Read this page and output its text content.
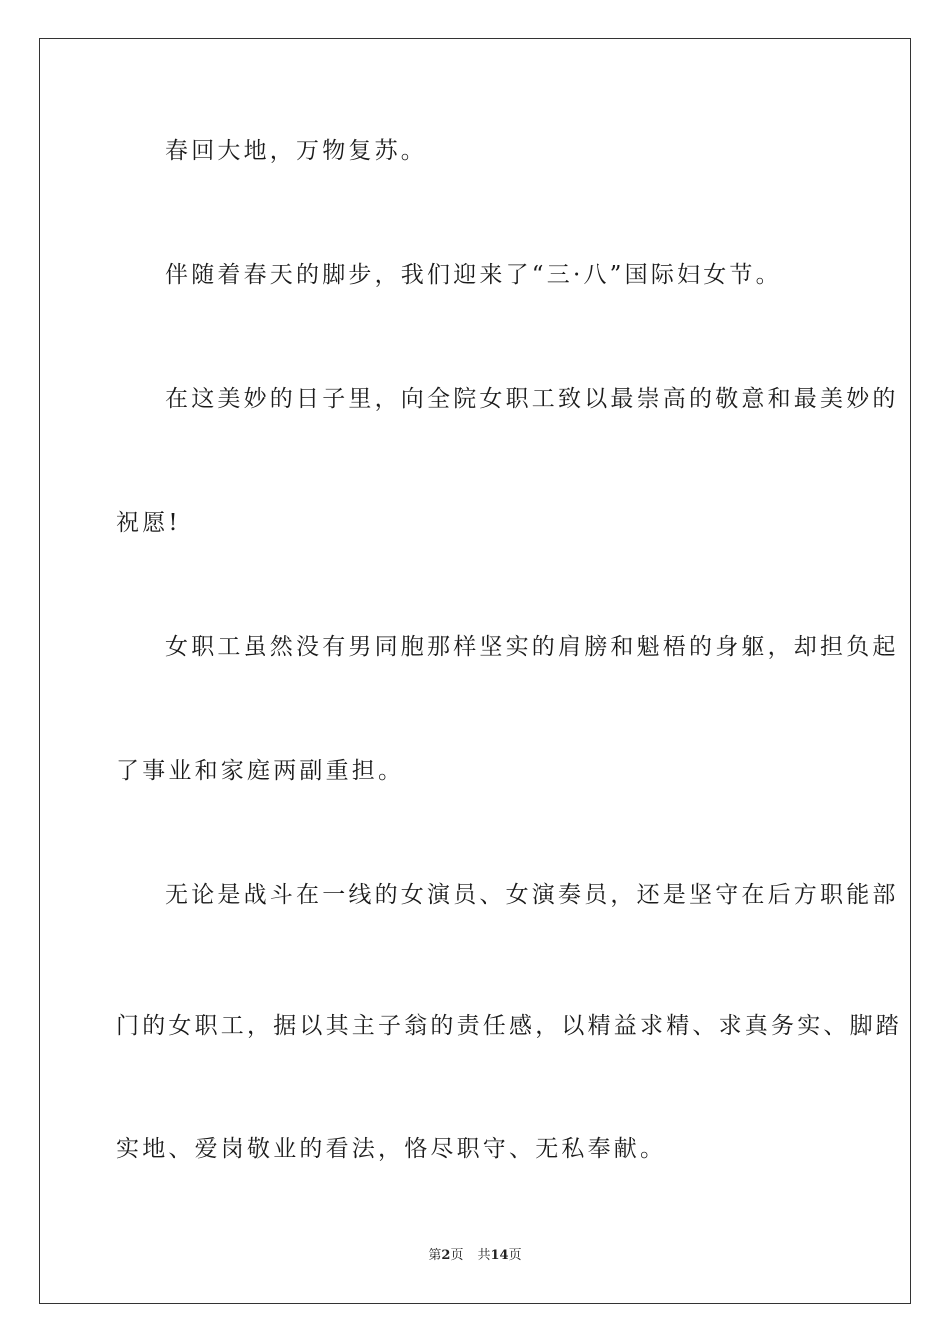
春回大地，万物复苏。
伴随着春天的脚步，我们迎来了“三·八”国际妇女节。
在这美妙的日子里，向全院女职工致以最崇高的敬意和最美妙的
祝愿!
女职工虽然没有男同胞那样坚实的肩膀和魁梧的身躯，却担负起
了事业和家庭两副重担。
无论是战斗在一线的女演员、女演奏员，还是坚守在后方职能部
门的女职工，据以其主子翁的责任感，以精益求精、求真务实、脚踏
实地、爱岗敬业的看法，恪尽职守、无私奉献。
第2页 共14页
